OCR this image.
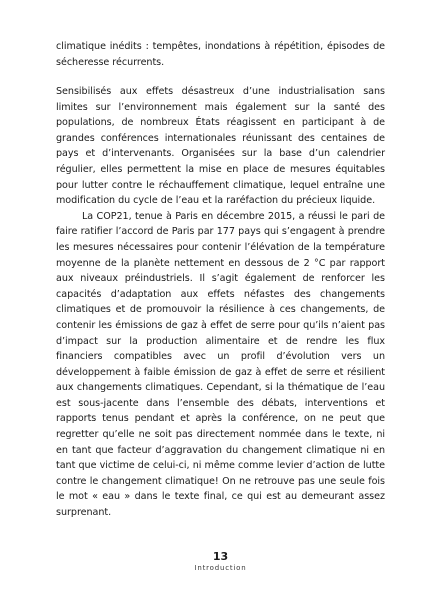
climatique inédits : tempêtes, inondations à répétition, épisodes de sécheresse récurrents.

Sensibilisés aux effets désastreux d’une industrialisation sans limites sur l’environnement mais également sur la santé des populations, de nombreux États réagissent en participant à de grandes conférences internationales réunissant des centaines de pays et d’intervenants. Organisées sur la base d’un calendrier régulier, elles permettent la mise en place de mesures équitables pour lutter contre le réchauffement climatique, lequel entraîne une modification du cycle de l’eau et la raréfaction du précieux liquide.

La COP21, tenue à Paris en décembre 2015, a réussi le pari de faire ratifier l’accord de Paris par 177 pays qui s’engagent à prendre les mesures nécessaires pour contenir l’élévation de la température moyenne de la planète nettement en dessous de 2 °C par rapport aux niveaux préindustriels. Il s’agit également de renforcer les capacités d’adaptation aux effets néfastes des changements climatiques et de promouvoir la résilience à ces changements, de contenir les émissions de gaz à effet de serre pour qu’ils n’aient pas d’impact sur la production alimentaire et de rendre les flux financiers compatibles avec un profil d’évolution vers un développement à faible émission de gaz à effet de serre et résilient aux changements climatiques. Cependant, si la thématique de l’eau est sous-jacente dans l’ensemble des débats, interventions et rapports tenus pendant et après la conférence, on ne peut que regretter qu’elle ne soit pas directement nommée dans le texte, ni en tant que facteur d’aggravation du changement climatique ni en tant que victime de celui-ci, ni même comme levier d’action de lutte contre le changement climatique! On ne retrouve pas une seule fois le mot « eau » dans le texte final, ce qui est au demeurant assez surprenant.

13
Introduction
